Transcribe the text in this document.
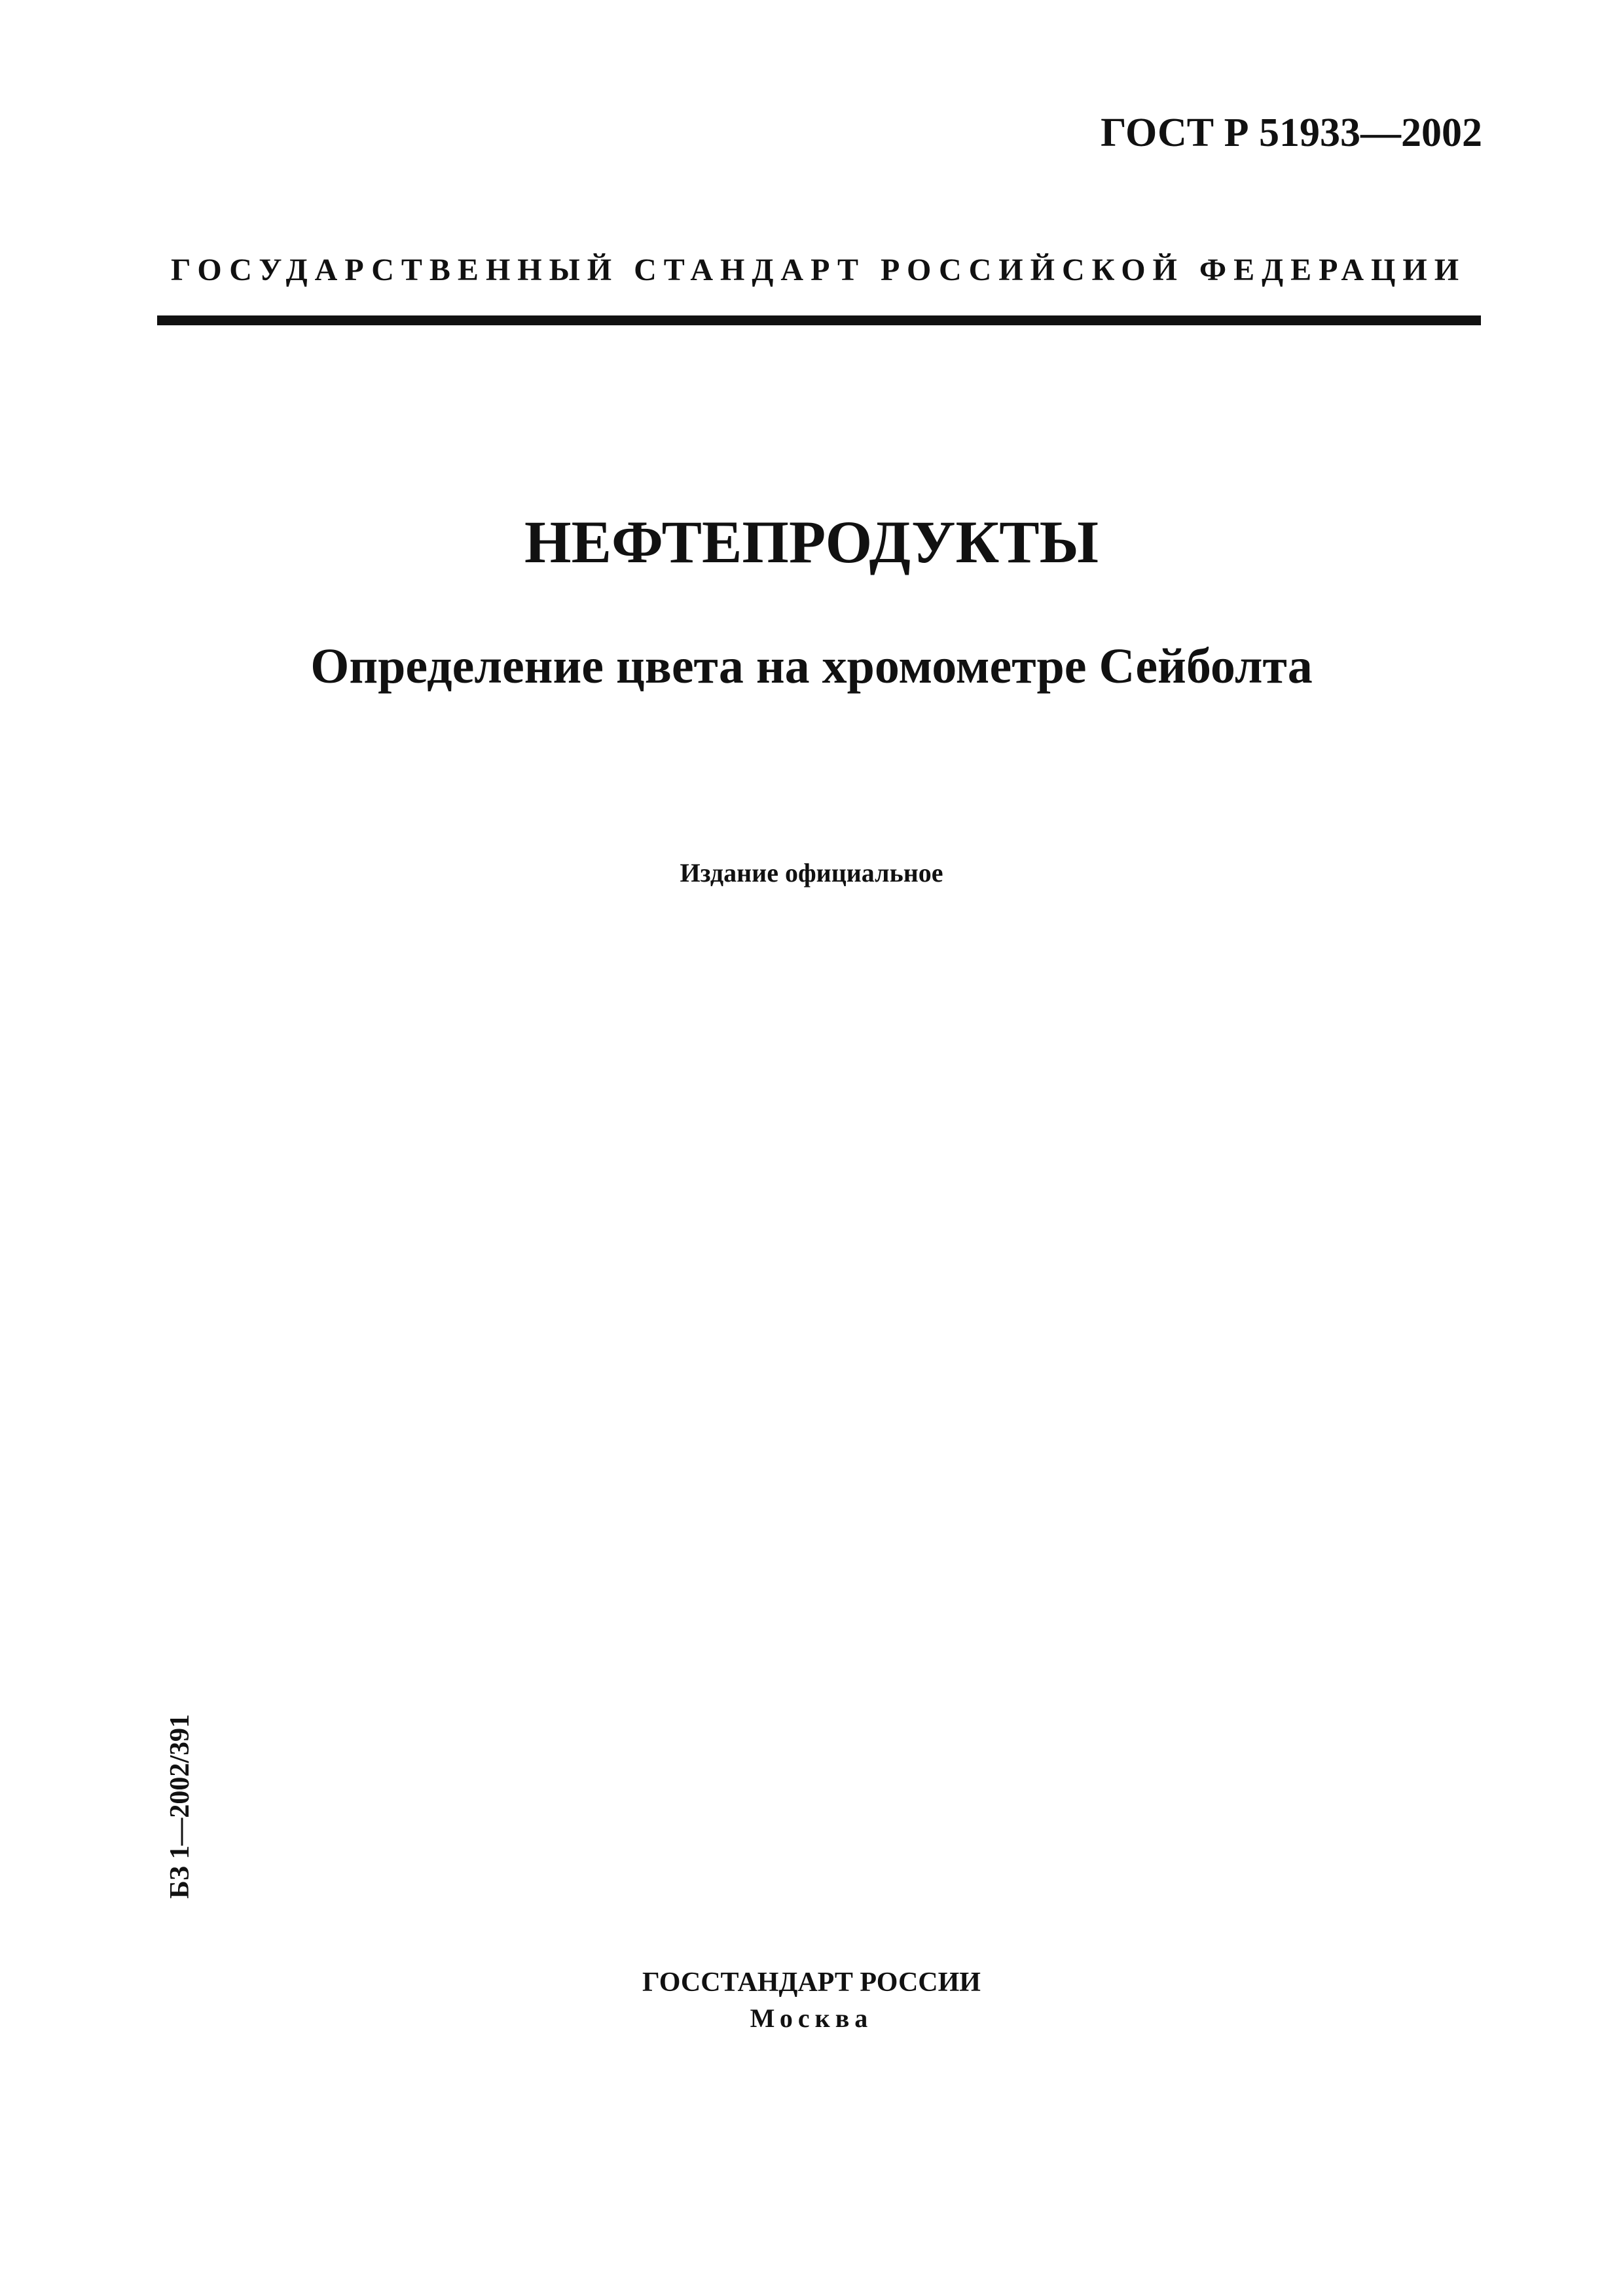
ГОСТ Р 51933—2002
ГОСУДАРСТВЕННЫЙ СТАНДАРТ РОССИЙСКОЙ ФЕДЕРАЦИИ
НЕФТЕПРОДУКТЫ
Определение цвета на хромометре Сейболта
Издание официальное
БЗ 1—2002/391
ГОССТАНДАРТ РОССИИ
Москва
